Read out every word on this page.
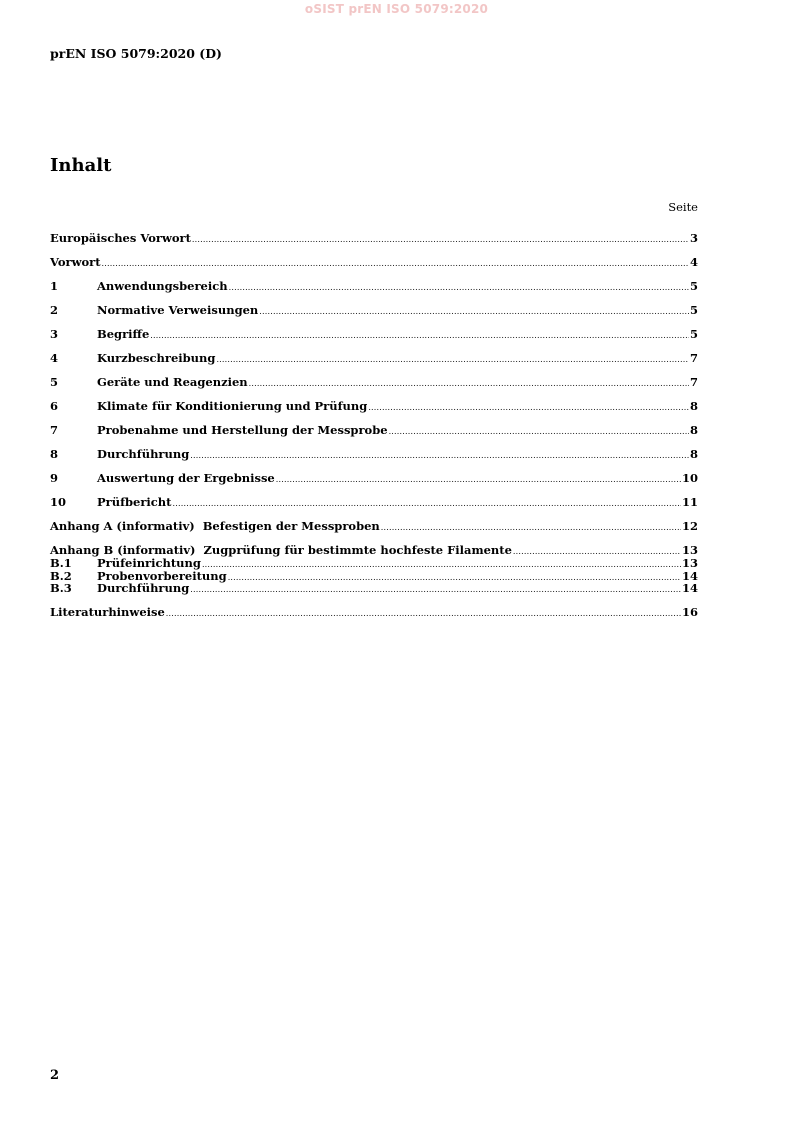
oSIST prEN ISO 5079:2020
prEN ISO 5079:2020 (D)
Inhalt
Seite
Europäisches Vorwort .....	3
Vorwort .....	4
1	Anwendungsbereich .....	5
2	Normative Verweisungen .....	5
3	Begriffe .....	5
4	Kurzbeschreibung .....	7
5	Geräte und Reagenzien .....	7
6	Klimate für Konditionierung und Prüfung .....	8
7	Probenahme und Herstellung der Messprobe .....	8
8	Durchführung .....	8
9	Auswertung der Ergebnisse .....	10
10	Prüfbericht .....	11
Anhang A (informativ)  Befestigen der Messproben .....	12
Anhang B (informativ)  Zugprüfung für bestimmte hochfeste Filamente .....	13
B.1	Prüfeinrichtung .....	13
B.2	Probenvorbereitung .....	14
B.3	Durchführung .....	14
Literaturhinweise .....	16
2
